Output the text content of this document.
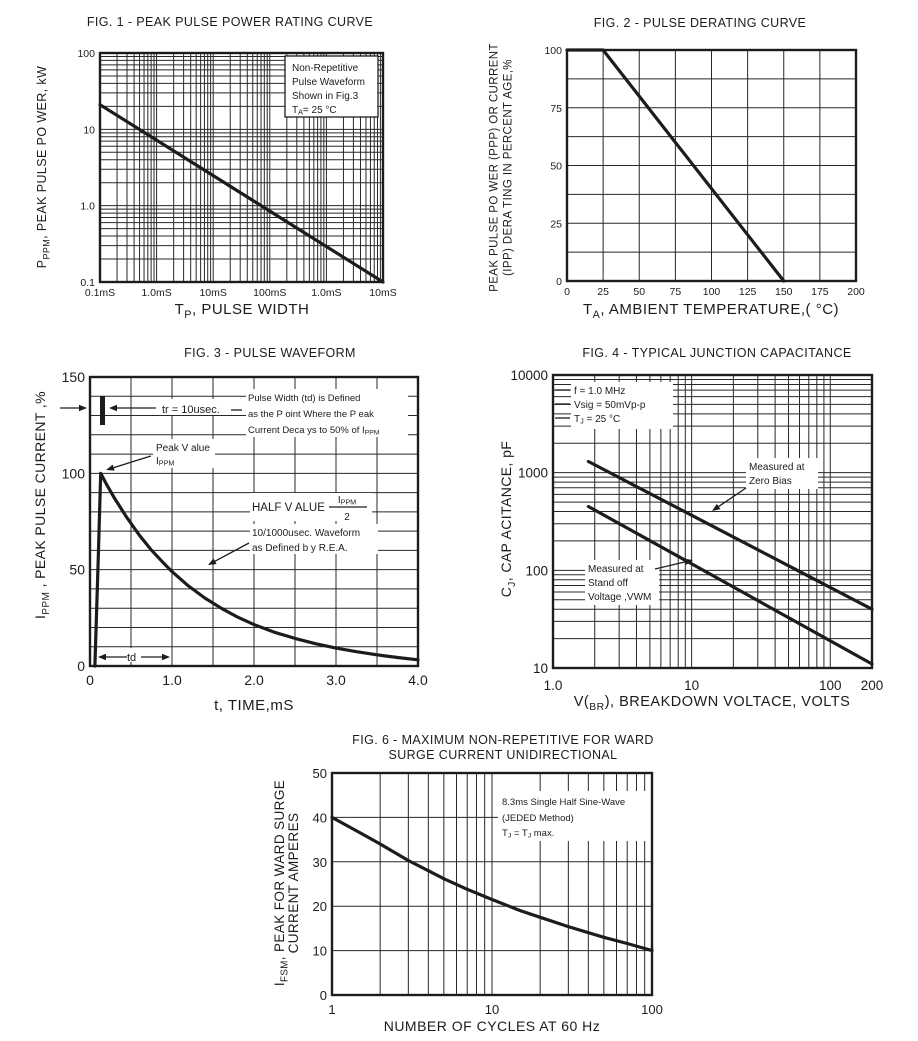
FIG. 1 - PEAK PULSE POWER RATING CURVE
0.1mS 1.0mS	10mS 100mS 1.0mS	10mS
100
10
1.0
0.1
Non-Repetitive
Pulse Waveform
Shown in Fig.3
TA= 25 °C
$T_P$, PULSE WIDTH
$P_{PPM}$, PEAK PULSE PO WER, kW
FIG. 2 - PULSE DERATING CURVE
0	25 50 75 100 125 150 175 200
100
75
50
25
0
$T_A$, AMBIENT TEMPERATURE,( °C)
PEAK PULSE PO WER (PPP) OR CURRENT (IPP) DERA TING IN PERCENT AGE,%
FIG. 3 - PULSE WAVEFORM
0	1.0	2.0	3.0	4.0
150
100
50
0
tr = 10usec.
Pulse Width (td) is Defined
as the P oint Where the P eak
Current Deca ys to 50% of IPPM
Peak V alue
IPPM
HALF V ALUE
IPPM
2
10/1000usec. Waveform
as Defined b y R.E.A.
td
t, TIME,mS
$I_{PPM}$ , PEAK PULSE CURRENT ,%
FIG. 4 - TYPICAL JUNCTION CAPACITANCE
1.0	10	100 200
10000
1000
100
10
f = 1.0 MHz
Vsig = 50mVp-p
TJ = 25 °C
Measured at
Zero Bias
Measured at
Stand off
Voltage ,VWM
$V(_{BR})$, BREAKDOWN VOLTACE, VOLTS
$C_J$, CAP ACITANCE, pF
FIG. 6 - MAXIMUM NON-REPETITIVE FOR WARD
SURGE CURRENT UNIDIRECTIONAL
1	10	100
50
40
30
20
10
0
8.3ms Single Half Sine-Wave
(JEDED Method)
TJ = TJ max.
NUMBER OF CYCLES AT 60 Hz
$I_{FSM}$, PEAK FOR WARD SURGE CURRENT AMPERES
